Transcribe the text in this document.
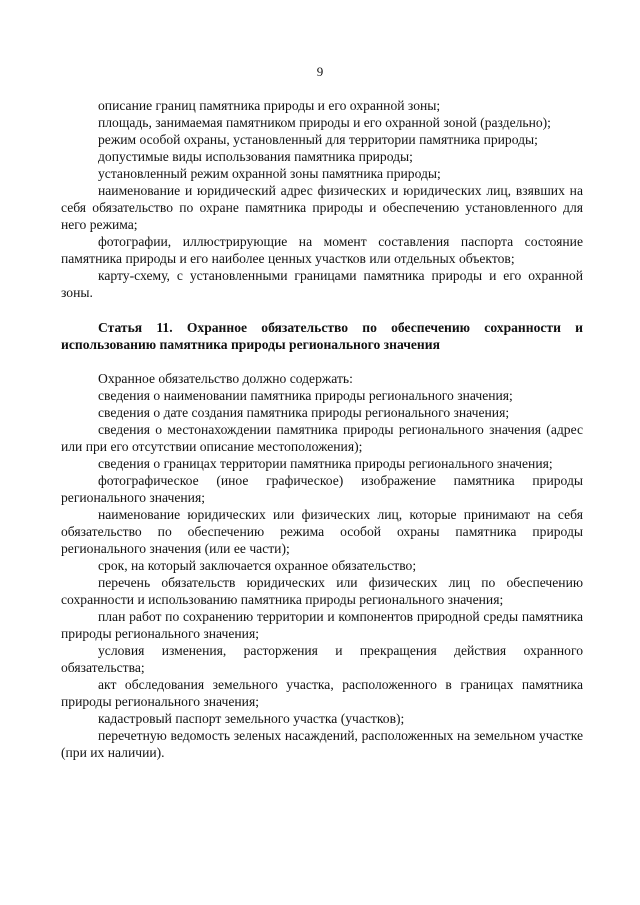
9

описание границ памятника природы и его охранной зоны;

площадь, занимаемая памятником природы и его охранной зоной (раздельно);

режим особой охраны, установленный для территории памятника природы;

допустимые виды использования памятника природы;

установленный режим охранной зоны памятника природы;

наименование и юридический адрес физических и юридических лиц, взявших на себя обязательство по охране памятника природы и обеспечению установленного для него режима;

фотографии, иллюстрирующие на момент составления паспорта состояние памятника природы и его наиболее ценных участков или отдельных объектов;

карту-схему, с установленными границами памятника природы и его охранной зоны.

Статья 11. Охранное обязательство по обеспечению сохранности и использованию памятника природы регионального значения

Охранное обязательство должно содержать:

сведения о наименовании памятника природы регионального значения;

сведения о дате создания памятника природы регионального значения;

сведения о местонахождении памятника природы регионального значения (адрес или при его отсутствии описание местоположения);

сведения о границах территории памятника природы регионального значения;

фотографическое (иное графическое) изображение памятника природы регионального значения;

наименование юридических или физических лиц, которые принимают на себя обязательство по обеспечению режима особой охраны памятника природы регионального значения (или ее части);

срок, на который заключается охранное обязательство;

перечень обязательств юридических или физических лиц по обеспечению сохранности и использованию памятника природы регионального значения;

план работ по сохранению территории и компонентов природной среды памятника природы регионального значения;

условия изменения, расторжения и прекращения действия охранного обязательства;

акт обследования земельного участка, расположенного в границах памятника природы регионального значения;

кадастровый паспорт земельного участка (участков);

перечетную ведомость зеленых насаждений, расположенных на земельном участке (при их наличии).
